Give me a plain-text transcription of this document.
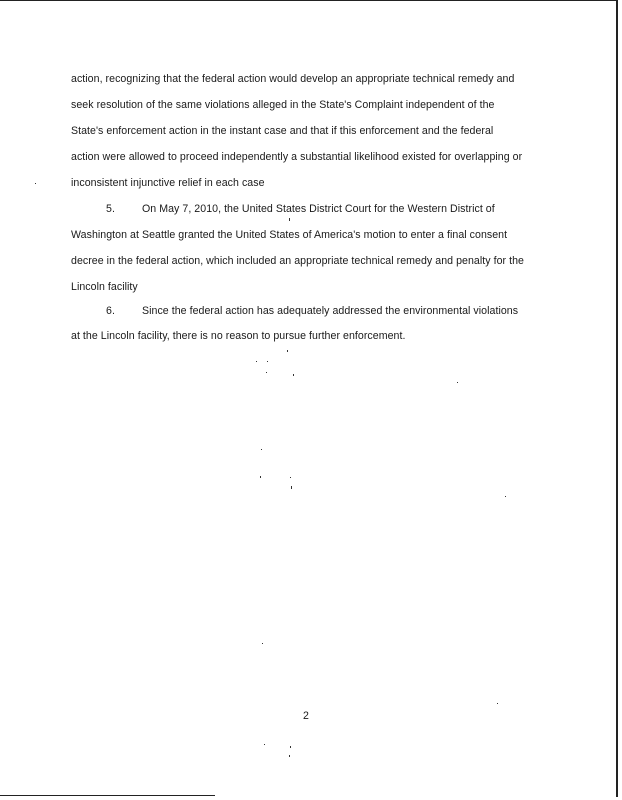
action, recognizing that the federal action would develop an appropriate technical remedy and
seek resolution of the same violations alleged in the State's Complaint independent of the
State's enforcement action in the instant case and that if this enforcement and the federal
action were allowed to proceed independently a substantial likelihood existed for overlapping or
inconsistent injunctive relief in each case
5.	On May 7, 2010, the United States District Court for the Western District of
Washington at Seattle granted the United States of America's motion to enter a final consent
decree in the federal action, which included an appropriate technical remedy and penalty for the
Lincoln facility
6.	Since the federal action has adequately addressed the environmental violations
at the Lincoln facility, there is no reason to pursue further enforcement.
2
